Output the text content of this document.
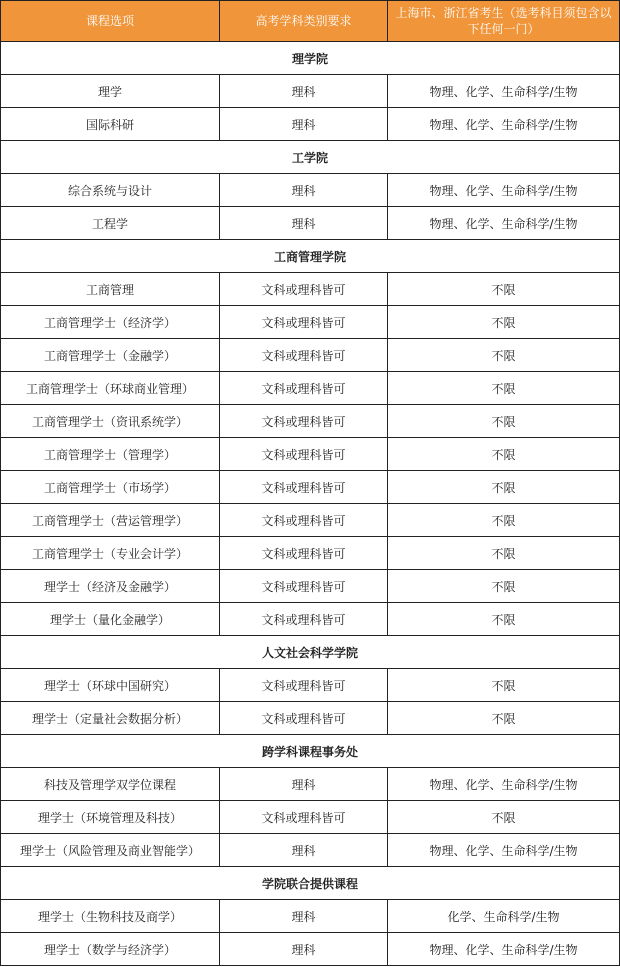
课程选项	高考学科类别要求	上海市、浙江省考生（选考科目须包含以下任何一门）
理学院		
理学	理科	物理、化学、生命科学/生物
国际科研	理科	物理、化学、生命科学/生物
工学院		
综合系统与设计	理科	物理、化学、生命科学/生物
工程学	理科	物理、化学、生命科学/生物
工商管理学院		
工商管理	文科或理科皆可	不限
工商管理学士（经济学）	文科或理科皆可	不限
工商管理学士（金融学）	文科或理科皆可	不限
工商管理学士（环球商业管理）	文科或理科皆可	不限
工商管理学士（资讯系统学）	文科或理科皆可	不限
工商管理学士（管理学）	文科或理科皆可	不限
工商管理学士（市场学）	文科或理科皆可	不限
工商管理学士（营运管理学）	文科或理科皆可	不限
工商管理学士（专业会计学）	文科或理科皆可	不限
理学士（经济及金融学）	文科或理科皆可	不限
理学士（量化金融学）	文科或理科皆可	不限
人文社会科学学院		
理学士（环球中国研究）	文科或理科皆可	不限
理学士（定量社会数据分析）	文科或理科皆可	不限
跨学科课程事务处		
科技及管理学双学位课程	理科	物理、化学、生命科学/生物
理学士（环境管理及科技）	文科或理科皆可	不限
理学士（风险管理及商业智能学）	理科	物理、化学、生命科学/生物
学院联合提供课程		
理学士（生物科技及商学）	理科	化学、生命科学/生物
理学士（数学与经济学）	理科	物理、化学、生命科学/生物
